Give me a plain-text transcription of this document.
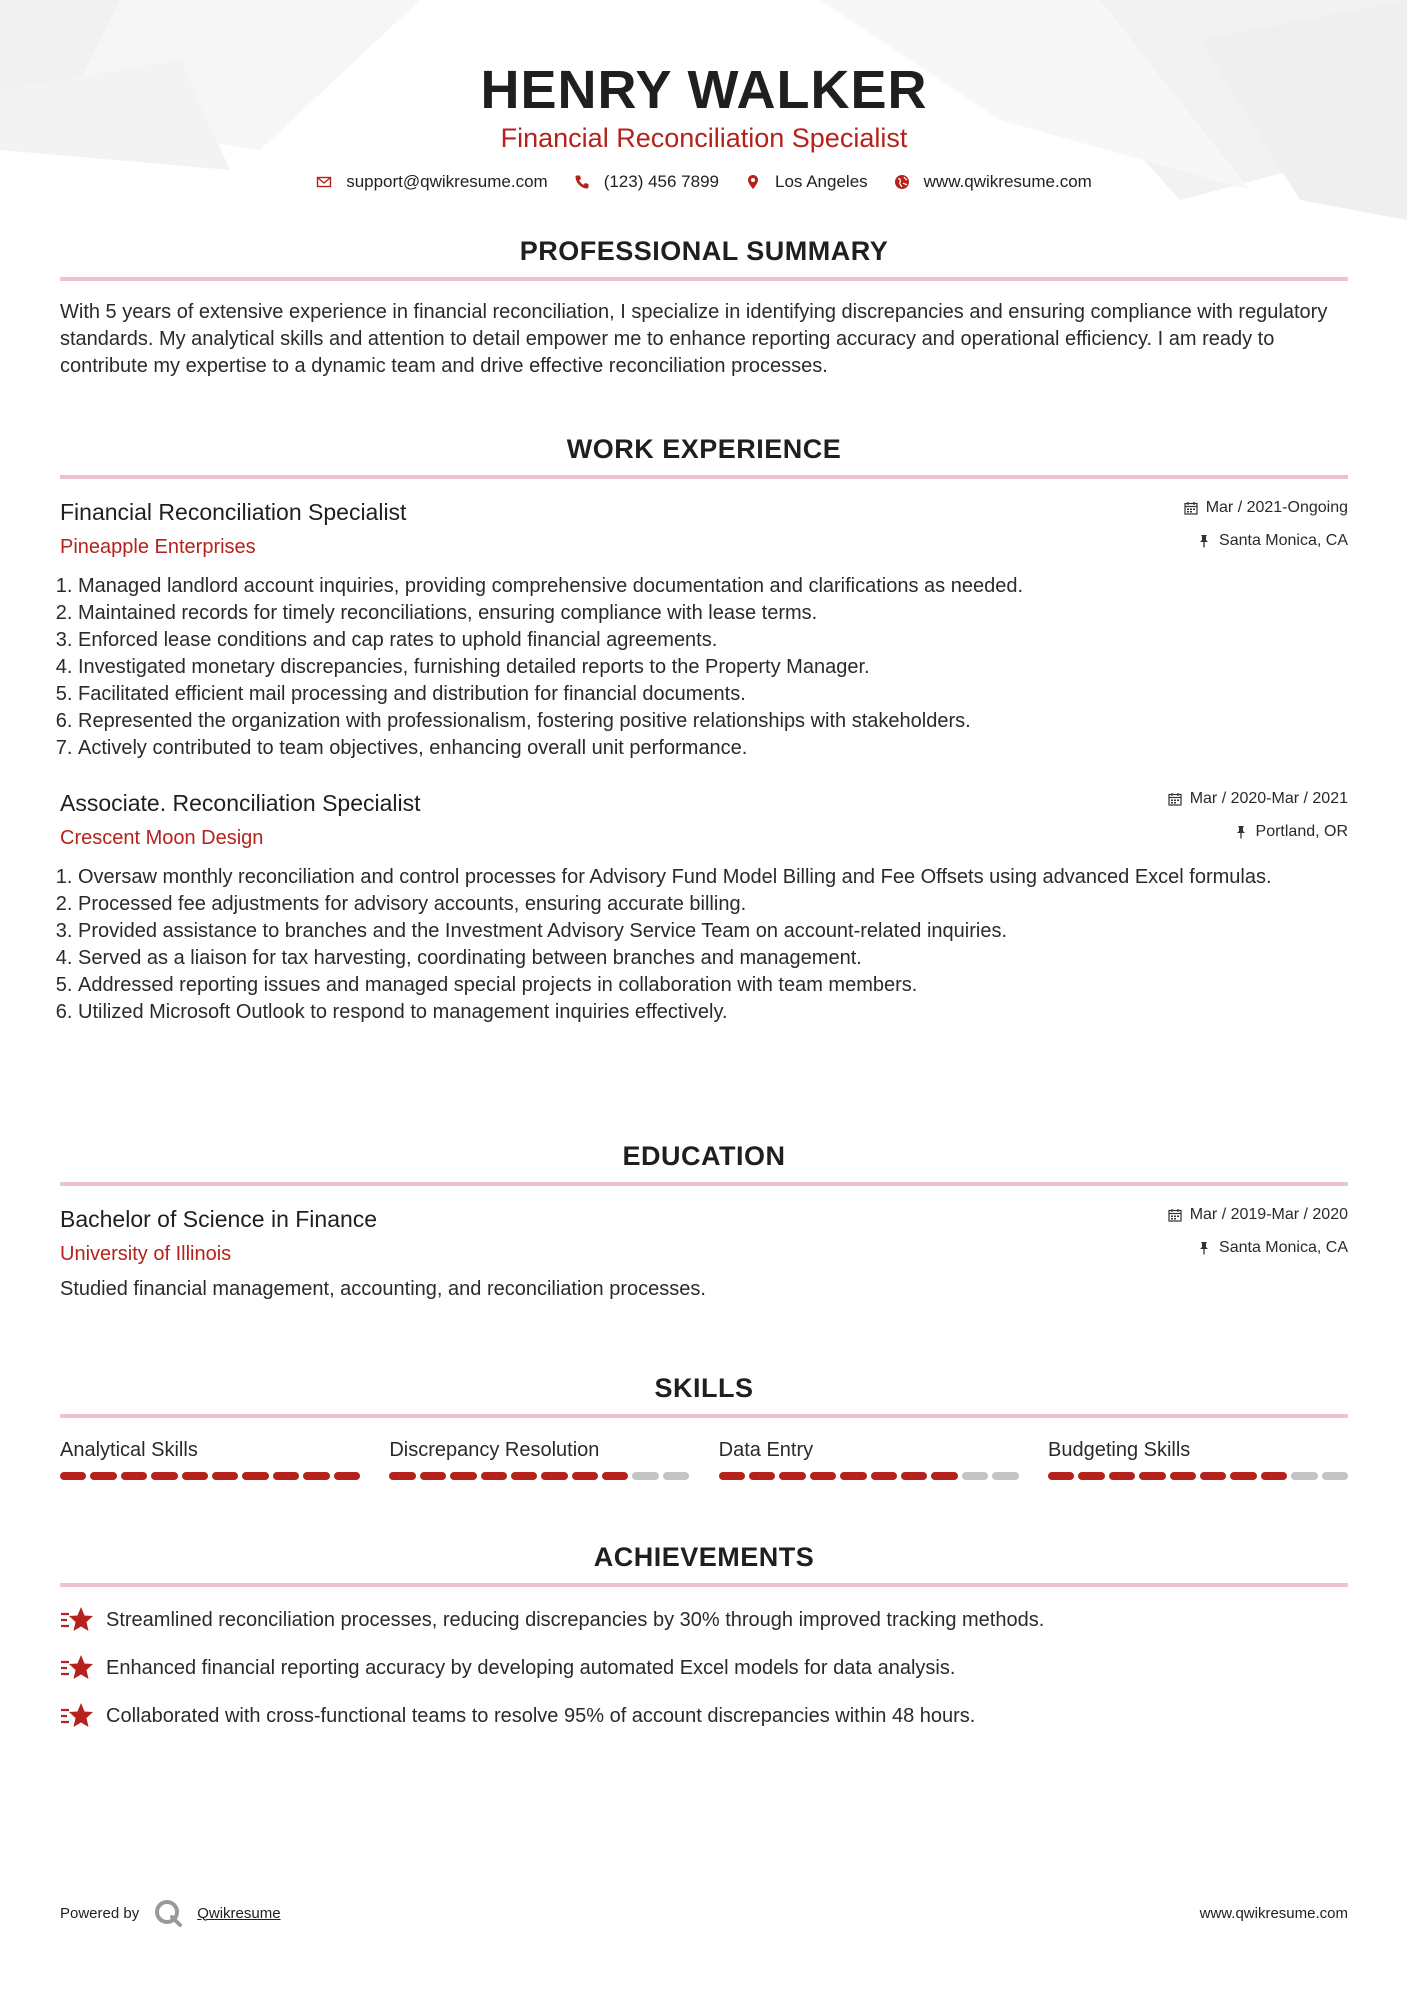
HENRY WALKER
Financial Reconciliation Specialist
support@qwikresume.com	(123) 456 7899	Los Angeles	www.qwikresume.com
PROFESSIONAL SUMMARY
With 5 years of extensive experience in financial reconciliation, I specialize in identifying discrepancies and ensuring compliance with regulatory standards. My analytical skills and attention to detail empower me to enhance reporting accuracy and operational efficiency. I am ready to contribute my expertise to a dynamic team and drive effective reconciliation processes.
WORK EXPERIENCE
Financial Reconciliation Specialist
Pineapple Enterprises
Mar / 2021-Ongoing
Santa Monica, CA
1. Managed landlord account inquiries, providing comprehensive documentation and clarifications as needed.
2. Maintained records for timely reconciliations, ensuring compliance with lease terms.
3. Enforced lease conditions and cap rates to uphold financial agreements.
4. Investigated monetary discrepancies, furnishing detailed reports to the Property Manager.
5. Facilitated efficient mail processing and distribution for financial documents.
6. Represented the organization with professionalism, fostering positive relationships with stakeholders.
7. Actively contributed to team objectives, enhancing overall unit performance.
Associate. Reconciliation Specialist
Crescent Moon Design
Mar / 2020-Mar / 2021
Portland, OR
1. Oversaw monthly reconciliation and control processes for Advisory Fund Model Billing and Fee Offsets using advanced Excel formulas.
2. Processed fee adjustments for advisory accounts, ensuring accurate billing.
3. Provided assistance to branches and the Investment Advisory Service Team on account-related inquiries.
4. Served as a liaison for tax harvesting, coordinating between branches and management.
5. Addressed reporting issues and managed special projects in collaboration with team members.
6. Utilized Microsoft Outlook to respond to management inquiries effectively.
EDUCATION
Bachelor of Science in Finance
University of Illinois
Mar / 2019-Mar / 2020
Santa Monica, CA
Studied financial management, accounting, and reconciliation processes.
SKILLS
Analytical Skills	Discrepancy Resolution	Data Entry	Budgeting Skills
ACHIEVEMENTS
Streamlined reconciliation processes, reducing discrepancies by 30% through improved tracking methods.
Enhanced financial reporting accuracy by developing automated Excel models for data analysis.
Collaborated with cross-functional teams to resolve 95% of account discrepancies within 48 hours.
Powered by	Qwikresume	www.qwikresume.com
